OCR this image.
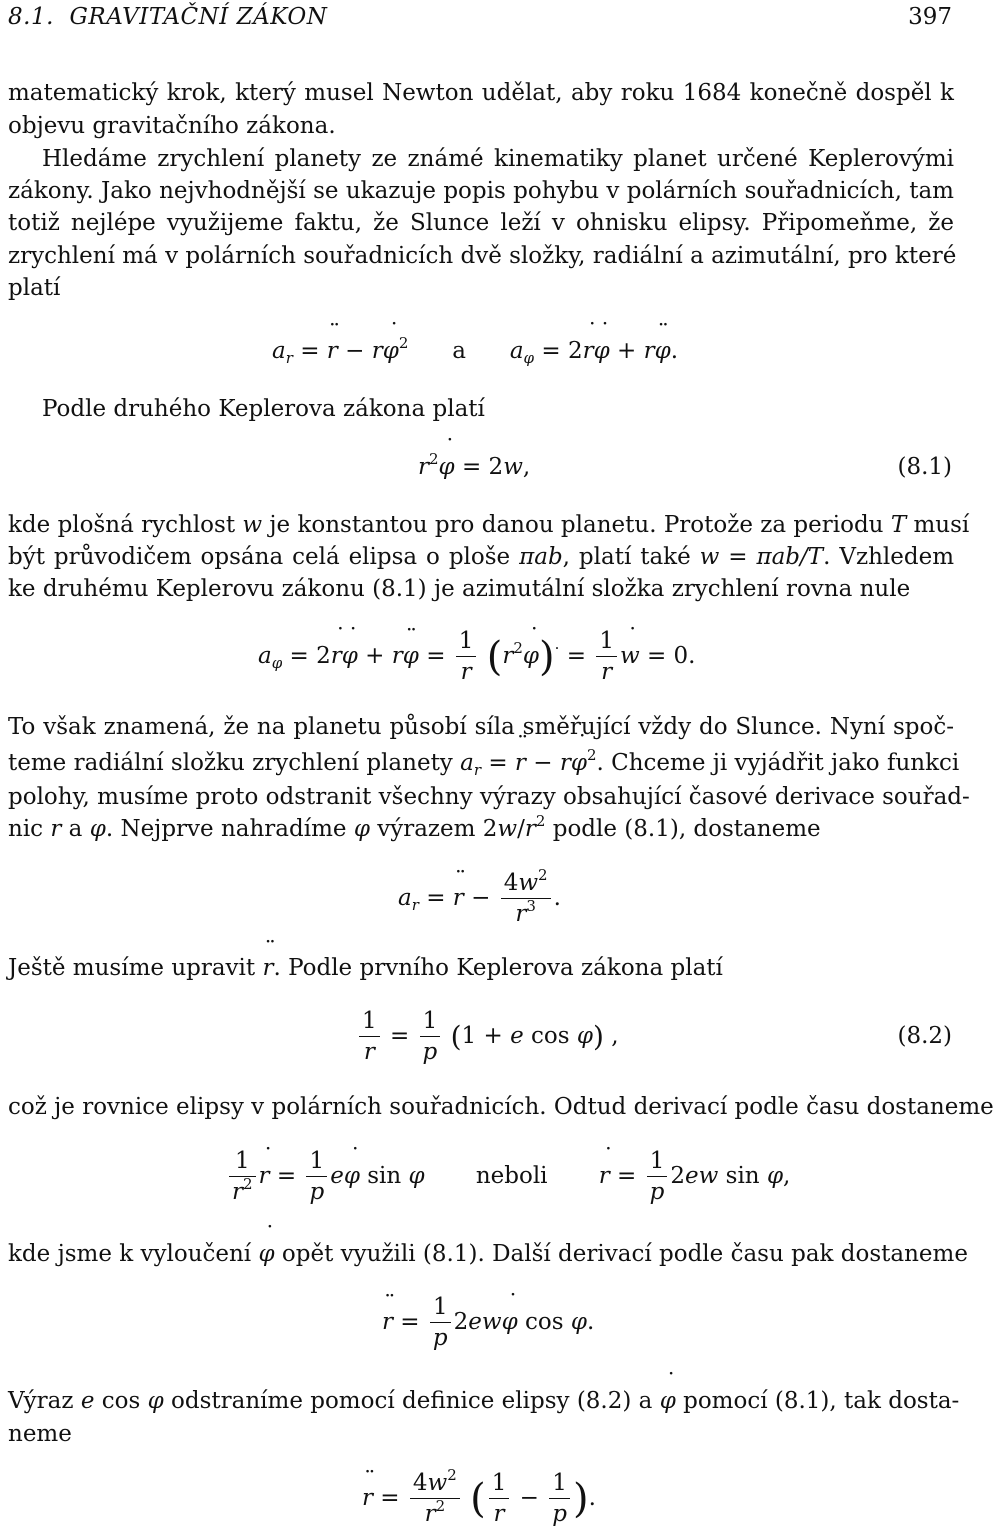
8.1. GRAVITAČNÍ ZÁKON	397
matematický krok, který musel Newton udělat, aby roku 1684 konečně dospěl k
objevu gravitačního zákona.
Hledáme zrychlení planety ze známé kinematiky planet určené Keplerovými
zákony. Jako nejvhodnější se ukazuje popis pohybu v polárních souřadnicích, tam
totiž nejlépe využijeme faktu, že Slunce leží v ohnisku elipsy. Připomeňme, že
zrychlení má v polárních souřadnicích dvě složky, radiální a azimutální, pro které
platí
$a_r = r$ ¨ − rφ ˙$^2$ a $a_\varphi = 2r$ ˙φ ˙ + rφ ¨.
Podle druhého Keplerova zákona platí
$r^2\varphi$ ˙ = 2w,	(8.1)
kde plošná rychlost w je konstantou pro danou planetu. Protože za periodu T musí
být průvodičem opsána celá elipsa o ploše πab, platí také w = πab/T. Vzhledem
ke druhému Keplerovu zákonu (8.1) je azimutální složka zrychlení rovna nule
$a_\varphi = 2r$ ˙φ ˙ + rφ ¨ = $\frac{1}{r} (r^2\varphi$ ˙)· = $\frac{1}{r}$ w ˙ = 0.
To však znamená, že na planetu působí síla směřující vždy do Slunce. Nyní spoč-
teme radiální složku zrychlení planety $a_r = r$ ¨ − rφ ˙$^2$. Chceme ji vyjádřit jako funkci
polohy, musíme proto odstranit všechny výrazy obsahující časové derivace souřad-
nic r a φ. Nejprve nahradíme φ ˙ výrazem $2w/r^2$ podle (8.1), dostaneme
$a_r = r$ ¨ − $\frac{4w^2}{r^3}$ .
Ještě musíme upravit r ¨. Podle prvního Keplerova zákona platí
$\frac{1}{r} = \frac{1}{p} (1 + e$ cos φ) ,	(8.2)
což je rovnice elipsy v polárních souřadnicích. Odtud derivací podle času dostaneme
$\frac{1}{r^2}$ r ˙ = $\frac{1}{p}$ eφ ˙ sin φ neboli r ˙ = $\frac{1}{p} 2ew$ sin φ,
kde jsme k vyloučení φ ˙ opět využili (8.1). Další derivací podle času pak dostaneme
r ¨ = $\frac{1}{p} 2ew\varphi$ ˙ cos φ.
Výraz e cos φ odstraníme pomocí definice elipsy (8.2) a φ ˙ pomocí (8.1), tak dosta-
neme
r ¨ = $\frac{4w^2}{r^2}$ ( $\frac{1}{r} - \frac{1}{p}$ ).
